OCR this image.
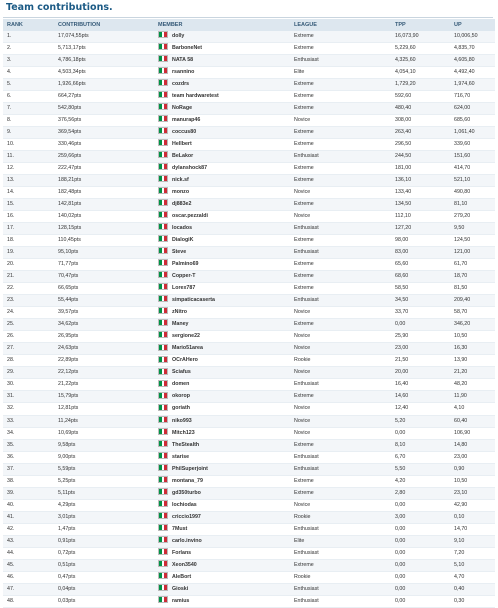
Team contributions.
RANK	CONTRIBUTION	MEMBER	LEAGUE	TPP	UP
1.	17,074,55pts	dolly	Extreme	16,073,90	10,006,50
2.	5,713,17pts	BarboneNet	Extreme	5,229,60	4,835,70
3.	4,786,18pts	NATA 58	Enthusiast	4,325,60	4,605,80
4.	4,503,34pts	rsannino	Elite	4,054,10	4,492,40
5.	1,926,66pts	cozdrs	Extreme	1,729,20	1,974,60
6.	664,27pts	team hardwaretest	Extreme	592,60	716,70
7.	542,80pts	NoRage	Extreme	480,40	624,00
8.	376,56pts	manurap46	Novice	308,00	685,60
9.	369,54pts	coccus80	Extreme	263,40	1,061,40
10.	330,46pts	Hellbert	Extreme	296,50	339,60
11.	259,66pts	BeLakor	Enthusiast	244,50	151,60
12.	222,47pts	dylanshock87	Extreme	181,00	414,70
13.	188,21pts	nick.sf	Extreme	136,10	521,10
14.	182,48pts	monzo	Novice	133,40	490,80
15.	142,81pts	dj883e2	Extreme	134,50	81,10
16.	140,02pts	oscar.pezzaldi	Novice	112,10	279,20
17.	128,15pts	locados	Enthusiast	127,20	9,50
18.	110,45pts	DialogiK	Extreme	98,00	124,50
19.	95,10pts	Steve	Enthusiast	83,00	121,00
20.	71,77pts	Palmino69	Extreme	65,60	61,70
21.	70,47pts	Copper-T	Extreme	68,60	18,70
22.	66,65pts	Lorex787	Extreme	58,50	81,50
23.	55,44pts	simpaticacaserta	Enthusiast	34,50	209,40
24.	39,57pts	zNitro	Novice	33,70	58,70
25.	34,62pts	Maney	Extreme	0,00	346,20
26.	26,95pts	sergione22	Novice	25,90	10,50
27.	24,63pts	Mario51area	Novice	23,00	16,30
28.	22,89pts	OCrAHero	Rookie	21,50	13,90
29.	22,12pts	Sciafus	Novice	20,00	21,20
30.	21,22pts	domen	Enthusiast	16,40	48,20
31.	15,79pts	okorop	Extreme	14,60	11,90
32.	12,81pts	goriath	Novice	12,40	4,10
33.	11,24pts	niko993	Novice	5,20	60,40
34.	10,69pts	Mitch123	Novice	0,00	106,90
35.	9,58pts	TheStealth	Extreme	8,10	14,80
36.	9,00pts	starise	Enthusiast	6,70	23,00
37.	5,59pts	PhilSuperjoint	Enthusiast	5,50	0,90
38.	5,25pts	montana_79	Extreme	4,20	10,50
39.	5,11pts	gd350turbo	Extreme	2,80	23,10
40.	4,29pts	lochiodas	Novice	0,00	42,90
41.	3,01pts	criccio1997	Rookie	3,00	0,10
42.	1,47pts	7Must	Enthusiast	0,00	14,70
43.	0,91pts	carlo.invino	Elite	0,00	9,10
44.	0,72pts	Forlans	Enthusiast	0,00	7,20
45.	0,51pts	Xeon3540	Extreme	0,00	5,10
46.	0,47pts	AleBort	Rookie	0,00	4,70
47.	0,04pts	Gioski	Enthusiast	0,00	0,40
48.	0,03pts	ramius	Enthusiast	0,00	0,30
